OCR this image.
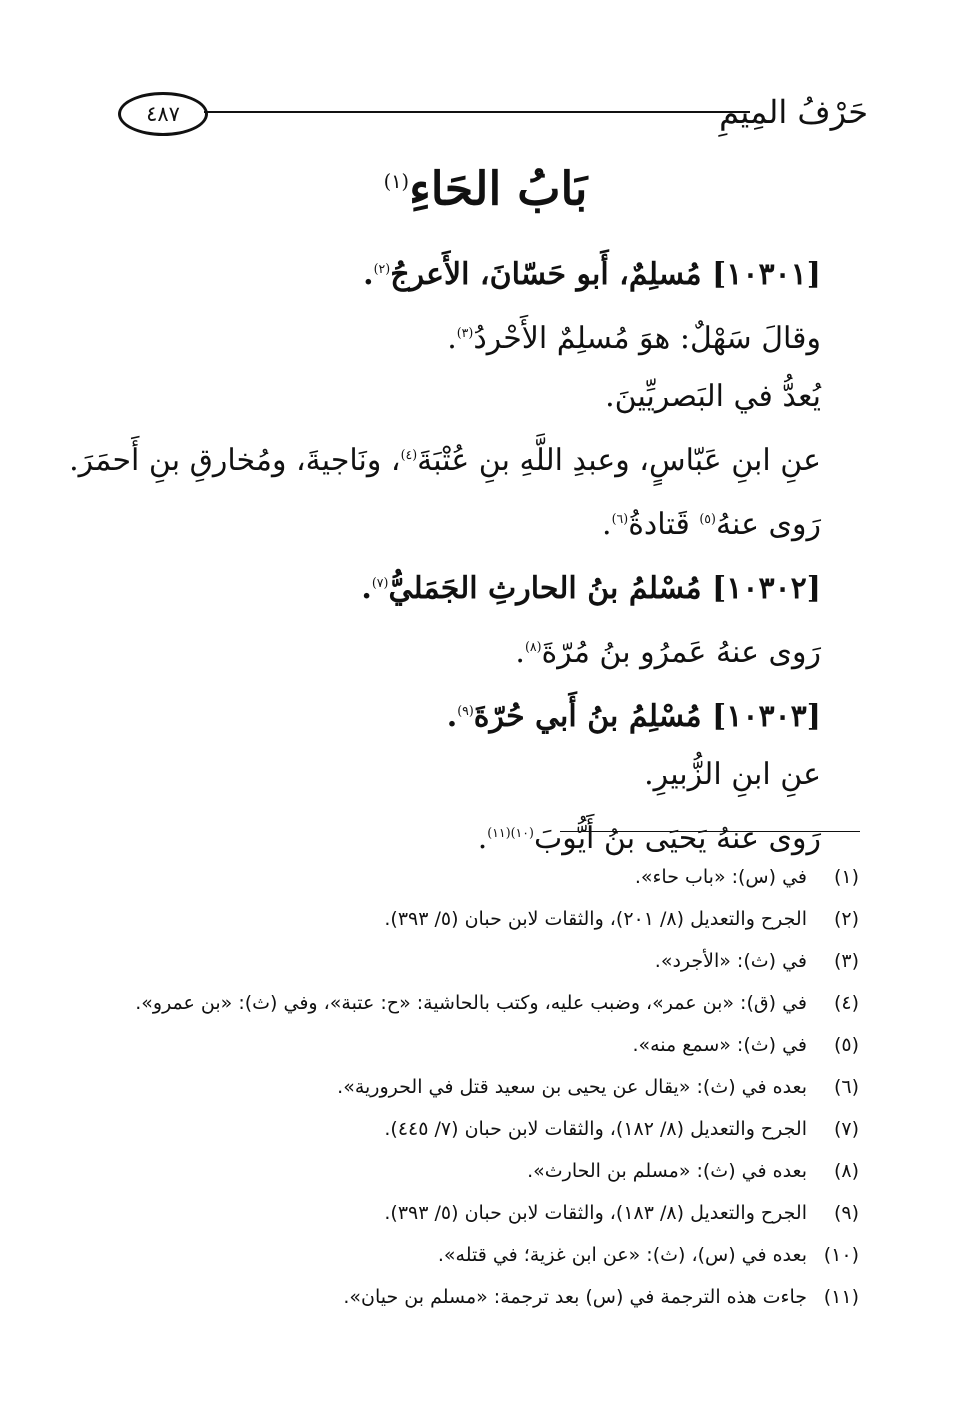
حَرْفُ المِيمِ
٤٨٧
بَابُ الحَاءِ$^{(١)}$
[١٠٣٠١] مُسلِمٌ، أَبو حَسّانَ، الأَعرجُ$^{(٢)}$.
وقالَ سَهْلٌ: هوَ مُسلِمٌ الأَحْردُ$^{(٣)}$.
يُعدُّ في البَصريِّينَ.
عنِ ابنِ عَبّاسٍ، وعبدِ اللَّهِ بنِ عُتْبَةَ$^{(٤)}$، ونَاجيةَ، ومُخارقِ بنِ أَحمَرَ.
رَوى عنهُ$^{(٥)}$ قَتادةُ$^{(٦)}$.
[١٠٣٠٢] مُسْلمُ بنُ الحارثِ الجَمَليُّ$^{(٧)}$.
رَوى عنهُ عَمرُو بنُ مُرّةَ$^{(٨)}$.
[١٠٣٠٣] مُسْلِمُ بنُ أَبي حُرّةَ$^{(٩)}$.
عنِ ابنِ الزُّبيرِ.
رَوى عنهُ يَحيَى بنُ أَيُّوبَ$^{(١٠)(١١)}$.
(١)في (س): «باب حاء».
(٢)الجرح والتعديل (٨/ ٢٠١)، والثقات لابن حبان (٥/ ٣٩٣).
(٣)في (ث): «الأجرد».
(٤)في (ق): «بن عمر»، وضبب عليه، وكتب بالحاشية: «ح: عتبة»، وفي (ث): «بن عمرو».
(٥)في (ث): «سمع منه».
(٦)بعده في (ث): «يقال عن يحيى بن سعيد قتل في الحرورية».
(٧)الجرح والتعديل (٨/ ١٨٢)، والثقات لابن حبان (٧/ ٤٤٥).
(٨)بعده في (ث): «مسلم بن الحارث».
(٩)الجرح والتعديل (٨/ ١٨٣)، والثقات لابن حبان (٥/ ٣٩٣).
(١٠)بعده في (س)، (ث): «عن ابن غزية؛ في قتله».
(١١)جاءت هذه الترجمة في (س) بعد ترجمة: «مسلم بن حيان».
